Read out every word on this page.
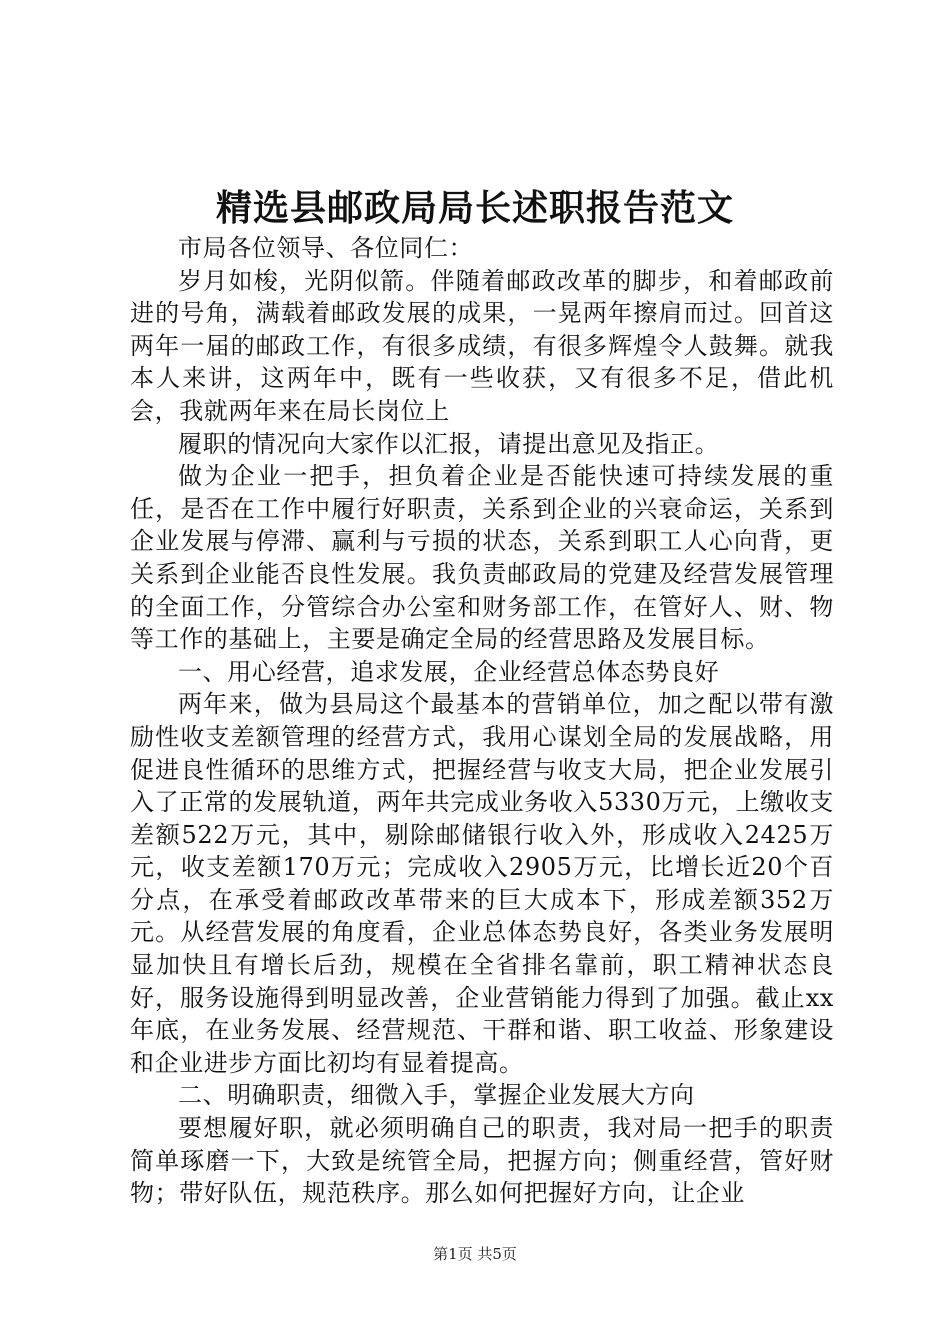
精选县邮政局局长述职报告范文

市局各位领导、各位同仁：

岁月如梭，光阴似箭。伴随着邮政改革的脚步，和着邮政前进的号角，满载着邮政发展的成果，一晃两年擦肩而过。回首这两年一届的邮政工作，有很多成绩，有很多辉煌令人鼓舞。就我本人来讲，这两年中，既有一些收获，又有很多不足，借此机会，我就两年来在局长岗位上

履职的情况向大家作以汇报，请提出意见及指正。

做为企业一把手，担负着企业是否能快速可持续发展的重任，是否在工作中履行好职责，关系到企业的兴衰命运，关系到企业发展与停滞、赢利与亏损的状态，关系到职工人心向背，更关系到企业能否良性发展。我负责邮政局的党建及经营发展管理的全面工作，分管综合办公室和财务部工作，在管好人、财、物等工作的基础上，主要是确定全局的经营思路及发展目标。

一、用心经营，追求发展，企业经营总体态势良好

两年来，做为县局这个最基本的营销单位，加之配以带有激励性收支差额管理的经营方式，我用心谋划全局的发展战略，用促进良性循环的思维方式，把握经营与收支大局，把企业发展引入了正常的发展轨道，两年共完成业务收入5330万元，上缴收支差额522万元，其中，剔除邮储银行收入外，形成收入2425万元，收支差额170万元；完成收入2905万元，比增长近20个百分点，在承受着邮政改革带来的巨大成本下，形成差额352万元。从经营发展的角度看，企业总体态势良好，各类业务发展明显加快且有增长后劲，规模在全省排名靠前，职工精神状态良好，服务设施得到明显改善，企业营销能力得到了加强。截止xx年底，在业务发展、经营规范、干群和谐、职工收益、形象建设和企业进步方面比初均有显着提高。

二、明确职责，细微入手，掌握企业发展大方向

要想履好职，就必须明确自己的职责，我对局一把手的职责简单琢磨一下，大致是统管全局，把握方向；侧重经营，管好财物；带好队伍，规范秩序。那么如何把握好方向，让企业

第1页 共5页
